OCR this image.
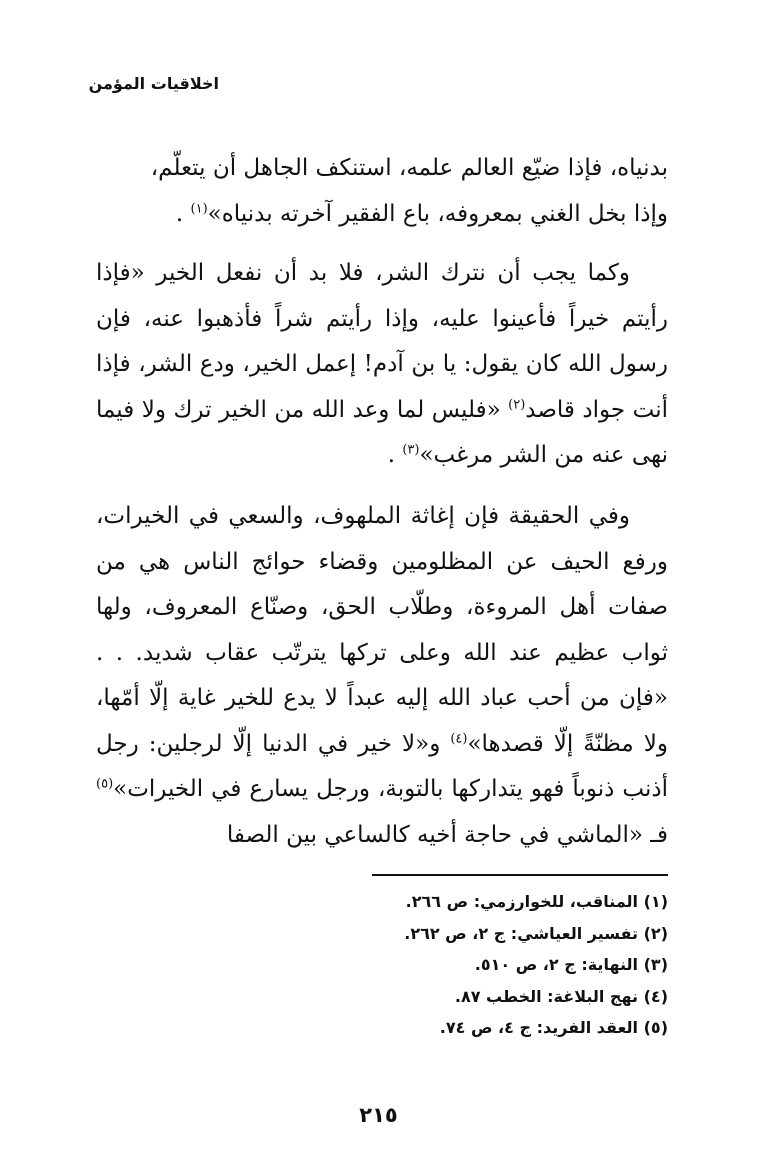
اخلاقيات المؤمن
بدنياه، فإذا ضيّع العالم علمه، استنكف الجاهل أن يتعلّم،
وإذا بخل الغني بمعروفه، باع الفقير آخرته بدنياه»$^{(١)}$ .
وكما يجب أن نترك الشر، فلا بد أن نفعل الخير «فإذا رأيتم خيراً فأعينوا عليه، وإذا رأيتم شراً فأذهبوا عنه، فإن رسول الله كان يقول: يا بن آدم! إعمل الخير، ودع الشر، فإذا أنت جواد قاصد$^{(٢)}$ «فليس لما وعد الله من الخير ترك ولا فيما نهى عنه من الشر مرغب»$^{(٣)}$ .
وفي الحقيقة فإن إغاثة الملهوف، والسعي في الخيرات، ورفع الحيف عن المظلومين وقضاء حوائج الناس هي من صفات أهل المروءة، وطلّاب الحق، وصنّاع المعروف، ولها ثواب عظيم عند الله وعلى تركها يترتّب عقاب شديد. . . «فإن من أحب عباد الله إليه عبداً لا يدع للخير غاية إلّا أمّها، ولا مظنّةً إلّا قصدها»$^{(٤)}$ و«لا خير في الدنيا إلّا لرجلين: رجل أذنب ذنوباً فهو يتداركها بالتوبة، ورجل يسارع في الخيرات»$^{(٥)}$ فـ «الماشي في حاجة أخيه كالساعي بين الصفا
(١) المناقب، للخوارزمي: ص ٢٦٦.
(٢) تفسير العياشي: ج ٢، ص ٢٦٢.
(٣) النهاية: ج ٢، ص ٥١٠.
(٤) نهج البلاغة: الخطب ٨٧.
(٥) العقد الفريد: ج ٤، ص ٧٤.
٢١٥
